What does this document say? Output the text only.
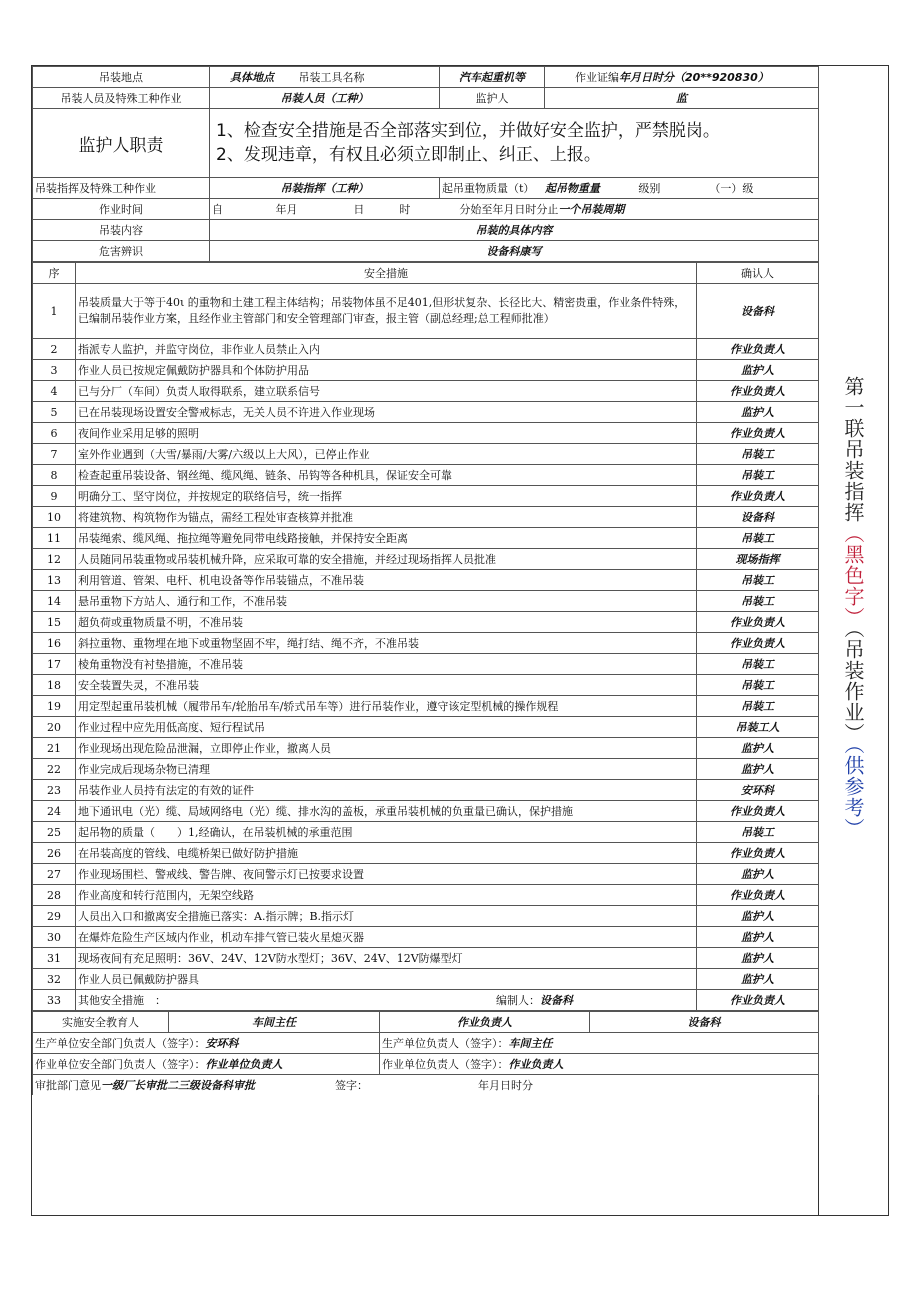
第一联吊装指挥（黑色字）（吊装作业）（供参考）
吊装地点	具体地点 吊装工具名称	汽车起重机等	作业证编年月日时分（20**920830）
吊装人员及特殊工种作业	吊装人员（工种）	监护人	监
监护人职责	1、检查安全措施是否全部落实到位，并做好安全监护，严禁脱岗。
2、发现违章，有权且必须立即制止、纠正、上报。		

吊装指挥及特殊工种作业	吊装指挥（工种）	起吊重物质量（t） 起吊物重量 级别 （一）级	
作业时间	自 年月 日 时 分始至年月日时分止一个吊装周期		
吊装内容	吊装的具体内容		
危害辨识	设备科康写		
序	安全措施	确认人
1	吊装质量大于等于40ι 的重物和土建工程主体结构；吊装物体虽不足401,但形状复杂、长径比大、精密贵重，作业条件特殊，已编制吊装作业方案，且经作业主管部门和安全管理部门审查，报主管（副总经理;总工程师批准）	设备科
2	指派专人监护，并监守岗位，非作业人员禁止入内	作业负责人
3	作业人员已按规定佩戴防护器具和个体防护用品	监护人
4	已与分厂（车间）负责人取得联系，建立联系信号	作业负责人
5	已在吊装现场设置安全警戒标志，无关人员不许进入作业现场	监护人
6	夜间作业采用足够的照明	作业负责人
7	室外作业遇到（大雪/暴雨/大雾/六级以上大风），已停止作业	吊装工
8	检查起重吊装设备、钢丝绳、缆风绳、链条、吊钩等各种机具，保证安全可靠	吊装工
9	明确分工、坚守岗位，并按规定的联络信号，统一指挥	作业负责人
10	将建筑物、构筑物作为锚点，需经工程处审查核算并批准	设备科
11	吊装绳索、缆风绳、拖拉绳等避免同带电线路接触，并保持安全距离	吊装工
12	人员随同吊装重物或吊装机械升降，应采取可靠的安全措施，并经过现场指挥人员批准	现场指挥
13	利用管道、管架、电杆、机电设备等作吊装锚点，不准吊装	吊装工
14	悬吊重物下方站人、通行和工作，不准吊装	吊装工
15	超负荷或重物质量不明，不准吊装	作业负责人
16	斜拉重物、重物埋在地下或重物坚固不牢，绳打结、绳不齐，不准吊装	作业负责人
17	棱角重物没有衬垫措施，不准吊装	吊装工
18	安全装置失灵，不准吊装	吊装工
19	用定型起重吊装机械（履带吊车/轮胎吊车/轿式吊车等）进行吊装作业，遵守该定型机械的操作规程	吊装工
20	作业过程中应先用低高度、短行程试吊	吊装工人
21	作业现场出现危险品泄漏，立即停止作业，撤离人员	监护人
22	作业完成后现场杂物已清理	监护人
23	吊装作业人员持有法定的有效的证件	安环科
24	地下通讯电（光）缆、局域网络电（光）缆、排水沟的盖板，承重吊装机械的负重量已确认，保护措施	作业负责人
25	起吊物的质量（　　）1,经确认，在吊装机械的承重范围	吊装工
26	在吊装高度的管线、电缆桥架已做好防护措施	作业负责人
27	作业现场围栏、警戒线、警告牌、夜间警示灯已按要求设置	监护人
28	作业高度和转行范围内，无架空线路	作业负责人
29	人员出入口和撤离安全措施已落实：A.指示牌；B.指示灯	监护人
30	在爆炸危险生产区域内作业，机动车排气管已装火星熄灭器	监护人
31	现场夜间有充足照明：36V、24V、12V防水型灯；36V、24V、12V防爆型灯	监护人
32	作业人员已佩戴防护器具	监护人
33	其他安全措施　： 编制人：设备科	作业负责人
实施安全教育人	车间主任	作业负责人	设备科
生产单位安全部门负责人（签字）：安环科		生产单位负责人（签字）：车间主任	
作业单位安全部门负责人（签字）：作业单位负责人		作业单位负责人（签字）：作业负责人	
审批部门意见一级厂长审批二三级设备科审批 签字： 年月日时分			
